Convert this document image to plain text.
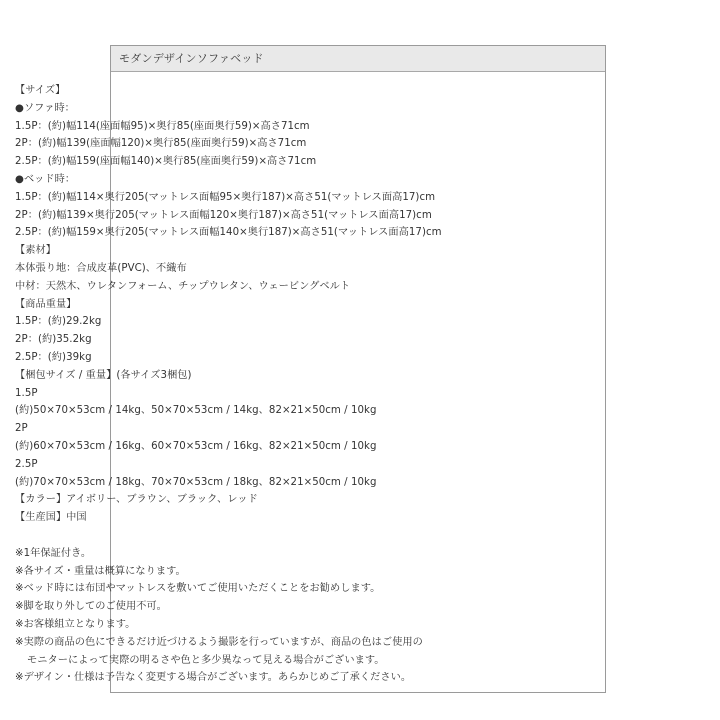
モダンデザインソファベッド
【サイズ】
●ソファ時：
1.5P：(約)幅114(座面幅95)×奥行85(座面奥行59)×高さ71cm
2P：(約)幅139(座面幅120)×奥行85(座面奥行59)×高さ71cm
2.5P：(約)幅159(座面幅140)×奥行85(座面奥行59)×高さ71cm
●ベッド時：
1.5P：(約)幅114×奥行205(マットレス面幅95×奥行187)×高さ51(マットレス面高17)cm
2P：(約)幅139×奥行205(マットレス面幅120×奥行187)×高さ51(マットレス面高17)cm
2.5P：(約)幅159×奥行205(マットレス面幅140×奥行187)×高さ51(マットレス面高17)cm
【素材】
本体張り地：合成皮革(PVC)、不織布
中材：天然木、ウレタンフォーム、チップウレタン、ウェービングベルト
【商品重量】
1.5P：(約)29.2kg
2P：(約)35.2kg
2.5P：(約)39kg
【梱包サイズ / 重量】(各サイズ3梱包)
1.5P
(約)50×70×53cm / 14kg、50×70×53cm / 14kg、82×21×50cm / 10kg
2P
(約)60×70×53cm / 16kg、60×70×53cm / 16kg、82×21×50cm / 10kg
2.5P
(約)70×70×53cm / 18kg、70×70×53cm / 18kg、82×21×50cm / 10kg
【カラー】アイボリー、ブラウン、ブラック、レッド
【生産国】中国
※1年保証付き。
※各サイズ・重量は概算になります。
※ベッド時には布団やマットレスを敷いてご使用いただくことをお勧めします。
※脚を取り外してのご使用不可。
※お客様組立となります。
※実際の商品の色にできるだけ近づけるよう撮影を行っていますが、商品の色はご使用の
モニターによって実際の明るさや色と多少異なって見える場合がございます。
※デザイン・仕様は予告なく変更する場合がございます。あらかじめご了承ください。
